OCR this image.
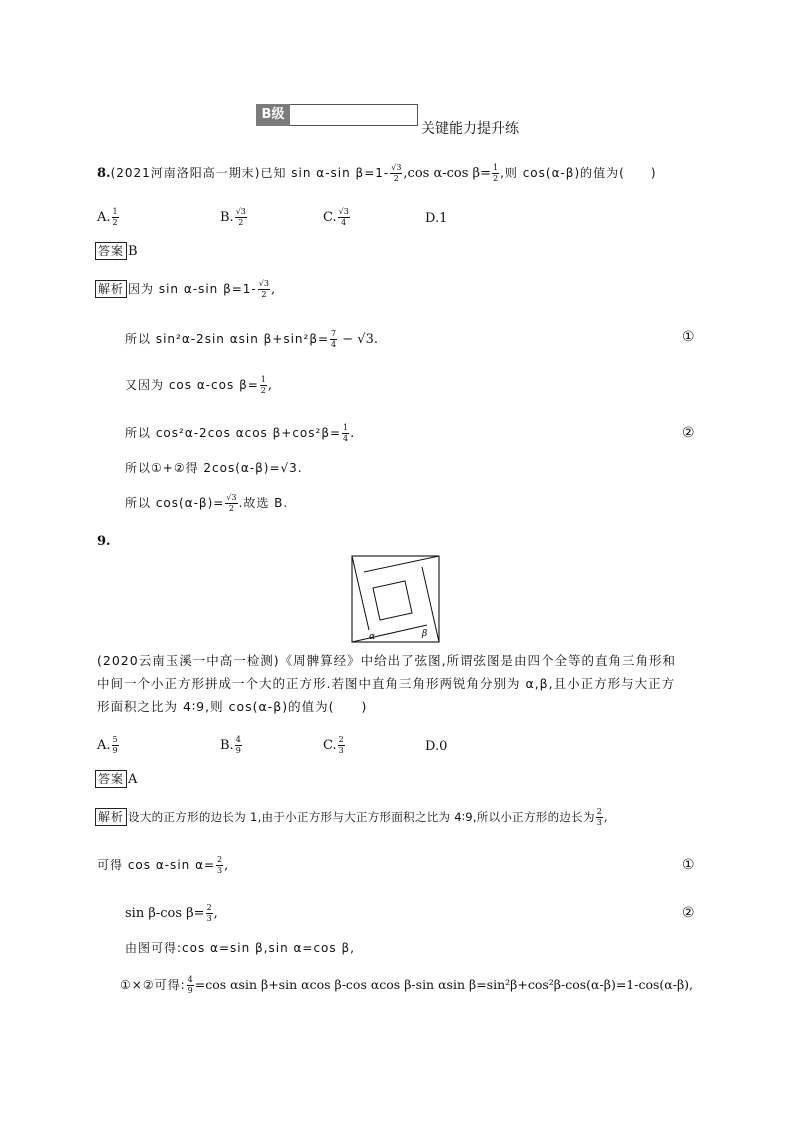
B级
关键能力提升练
8.(2021河南洛阳高一期末)已知 sin α-sin $\beta=1- \frac{√3}{2} ,\cos$ α-cos $\beta= \frac{1}{2}$ ,则 cos(α-β)的值为(　　)
A. $\frac{1}{2}$	B. $\frac{√3}{2}$	C. $\frac{√3}{4}$	D.1
答案 B
解析 因为 sin α-sin $\beta=1- \frac{√3}{2}$ ,
所以 sin²α-2sin αsin $\beta+\sin^2\beta= \frac{7}{4} - √3$.	①
又因为 cos α-cos $\beta= \frac{1}{2}$ ,
所以 cos²α-2cos αcos $\beta+\cos^2\beta= \frac{1}{4}$ .	②
所以①+②得 2cos(α-β)=√3.
所以 $\cos(\alpha-\beta)= \frac{√3}{2}$ .故选 B.
9.
α	β
(2020云南玉溪一中高一检测)《周髀算经》中给出了弦图,所谓弦图是由四个全等的直角三角形和
中间一个小正方形拼成一个大的正方形.若图中直角三角形两锐角分别为 α,β,且小正方形与大正方
形面积之比为 4∶9,则 cos(α-β)的值为(　　)
A. $\frac{5}{9}$	B. $\frac{4}{9}$	C. $\frac{2}{3}$	D.0
答案 A
解析 设大的正方形的边长为 1,由于小正方形与大正方形面积之比为 4∶9,所以小正方形的边长为 $\frac{2}{3}$ ,
可得 cos α-sin $\alpha= \frac{2}{3}$ ,	①
sin β-cos $\beta= \frac{2}{3}$ ,	②
由图可得:cos α=sin β,sin α=cos β,
①×②可得: $\frac{4}{9} =\cos$ αsin β+sin αcos β-cos αcos β-sin αsin β=sin²β+cos²β-cos(α-β)=1-cos(α-β),
